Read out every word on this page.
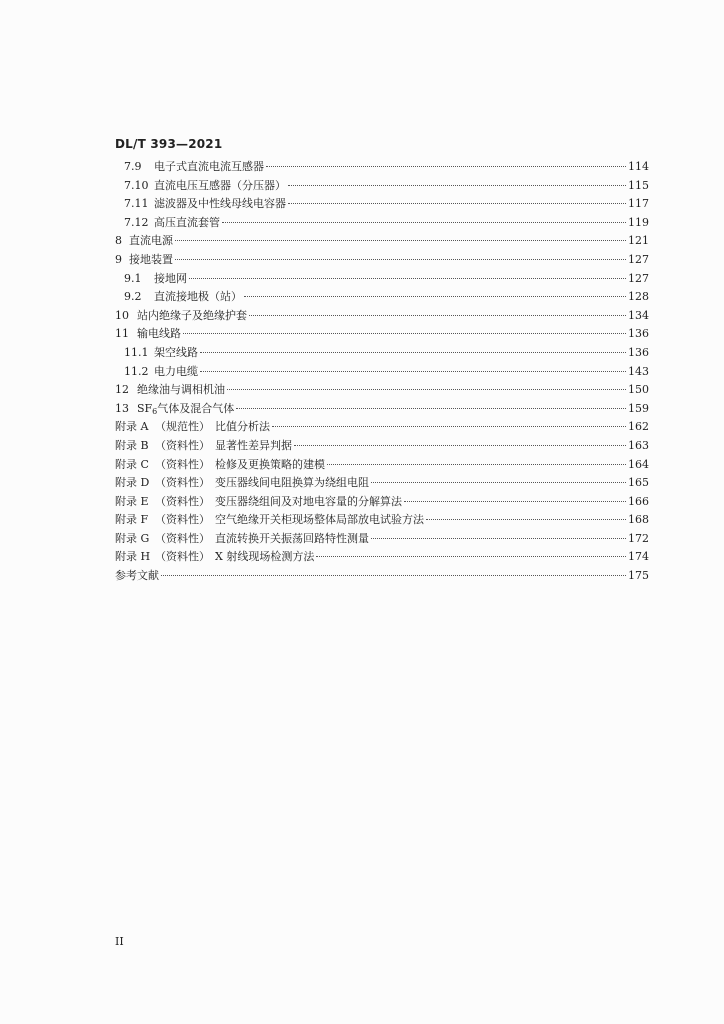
DL/T 393—2021
7.9	电子式直流电流互感器	114
7.10 直流电压互感器（分压器）	115
7.11 滤波器及中性线母线电容器	117
7.12 高压直流套管	119
8 直流电源	121
9 接地装置	127
9.1	接地网	127
9.2	直流接地极（站）	128
10 站内绝缘子及绝缘护套	134
11 输电线路	136
11.1 架空线路	136
11.2 电力电缆	143
12 绝缘油与调相机油	150
13 $SF_6$气体及混合气体	159
附录 A （规范性） 比值分析法	162
附录 B （资料性） 显著性差异判据	163
附录 C （资料性） 检修及更换策略的建模	164
附录 D （资料性） 变压器线间电阻换算为绕组电阻	165
附录 E （资料性） 变压器绕组间及对地电容量的分解算法	166
附录 F （资料性） 空气绝缘开关柜现场整体局部放电试验方法	168
附录 G （资料性） 直流转换开关振荡回路特性测量	172
附录 H （资料性） X 射线现场检测方法	174
参考文献	175
II
